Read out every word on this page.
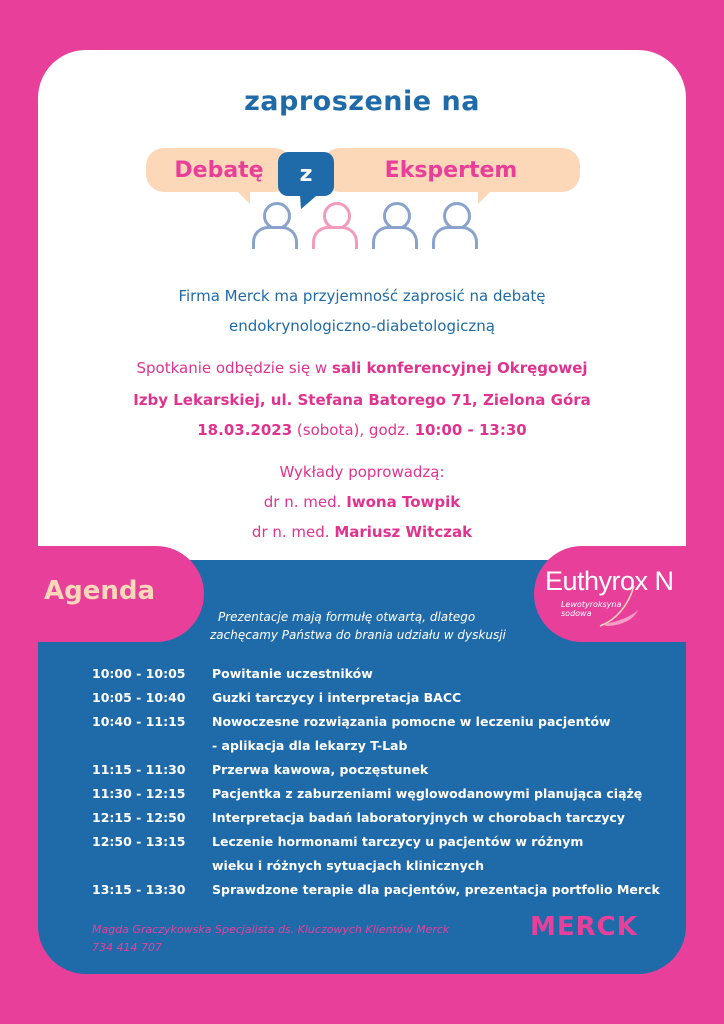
zaproszenie na
Debatę	Ekspertem
z
Firma Merck ma przyjemność zaprosić na debatę
endokrynologiczno-diabetologiczną
Spotkanie odbędzie się w sali konferencyjnej Okręgowej
Izby Lekarskiej, ul. Stefana Batorego 71, Zielona Góra
18.03.2023 (sobota), godz. 10:00 - 13:30
Wykłady poprowadzą:
dr n. med. Iwona Towpik
dr n. med. Mariusz Witczak
Agenda	Euthyrox N
Lewotyroksyna
sodowa
Prezentacje mają formułę otwartą, dlatego
zachęcamy Państwa do brania udziału w dyskusji
10:00 - 10:05	Powitanie uczestników
10:05 - 10:40	Guzki tarczycy i interpretacja BACC
10:40 - 11:15	Nowoczesne rozwiązania pomocne w leczeniu pacjentów
- aplikacja dla lekarzy T-Lab
11:15 - 11:30	Przerwa kawowa, poczęstunek
11:30 - 12:15	Pacjentka z zaburzeniami węglowodanowymi planująca ciążę
12:15 - 12:50	Interpretacja badań laboratoryjnych w chorobach tarczycy
12:50 - 13:15	Leczenie hormonami tarczycy u pacjentów w różnym
wieku i różnych sytuacjach klinicznych
13:15 - 13:30	Sprawdzone terapie dla pacjentów, prezentacja portfolio Merck
Magda Graczykowska Specjalista ds. Kluczowych Klientów Merck
734 414 707
MERCK
